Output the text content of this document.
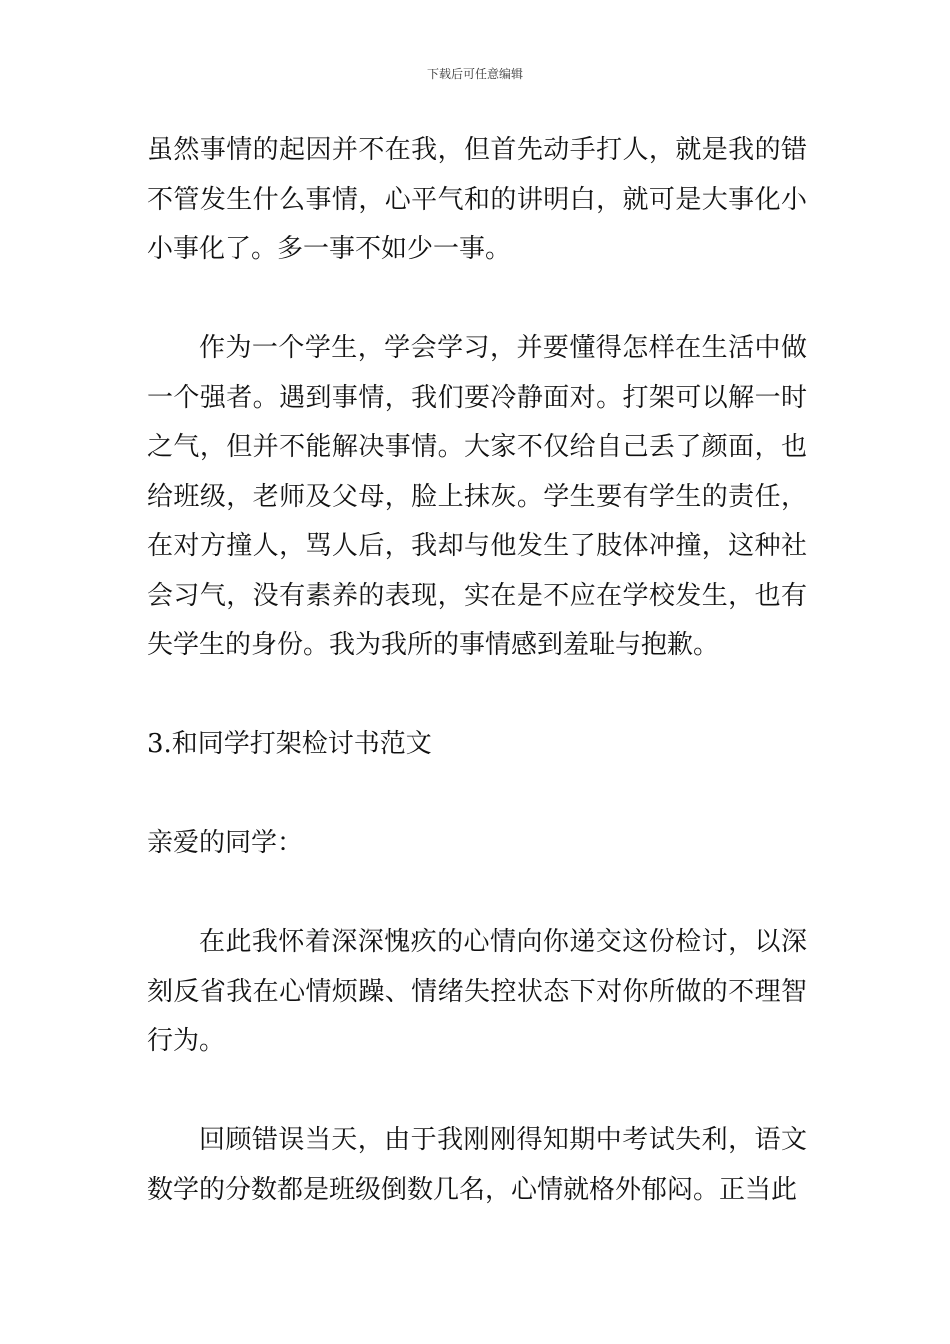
下载后可任意编辑

虽然事情的起因并不在我，但首先动手打人，就是我的错不管发生什么事情，心平气和的讲明白，就可是大事化小小事化了。多一事不如少一事。

作为一个学生，学会学习，并要懂得怎样在生活中做一个强者。遇到事情，我们要冷静面对。打架可以解一时之气，但并不能解决事情。大家不仅给自己丢了颜面，也给班级，老师及父母，脸上抹灰。学生要有学生的责任，在对方撞人，骂人后，我却与他发生了肢体冲撞，这种社会习气，没有素养的表现，实在是不应在学校发生，也有失学生的身份。我为我所的事情感到羞耻与抱歉。

3.和同学打架检讨书范文

亲爱的同学：

在此我怀着深深愧疚的心情向你递交这份检讨，以深刻反省我在心情烦躁、情绪失控状态下对你所做的不理智行为。

回顾错误当天，由于我刚刚得知期中考试失利，语文数学的分数都是班级倒数几名，心情就格外郁闷。正当此
